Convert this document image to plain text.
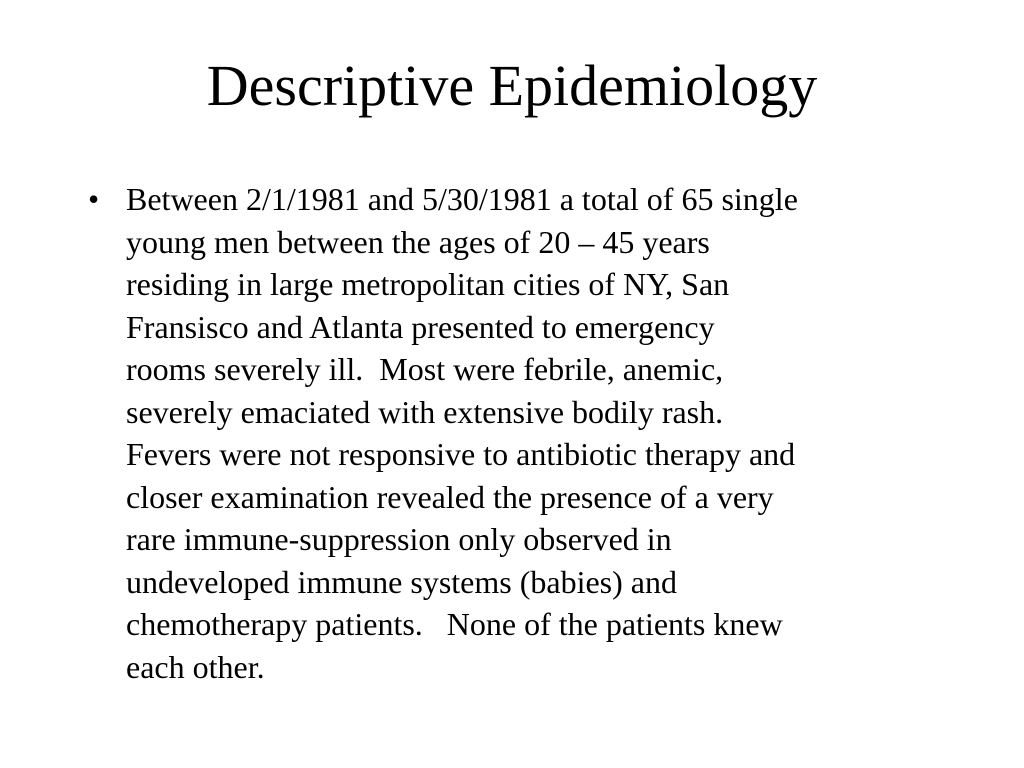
Descriptive Epidemiology
• Between 2/1/1981 and 5/30/1981 a total of 65 single
young men between the ages of 20 – 45 years
residing in large metropolitan cities of NY, San
Fransisco and Atlanta presented to emergency
rooms severely ill.  Most were febrile, anemic,
severely emaciated with extensive bodily rash.
Fevers were not responsive to antibiotic therapy and
closer examination revealed the presence of a very
rare immune-suppression only observed in
undeveloped immune systems (babies) and
chemotherapy patients.   None of the patients knew
each other.
